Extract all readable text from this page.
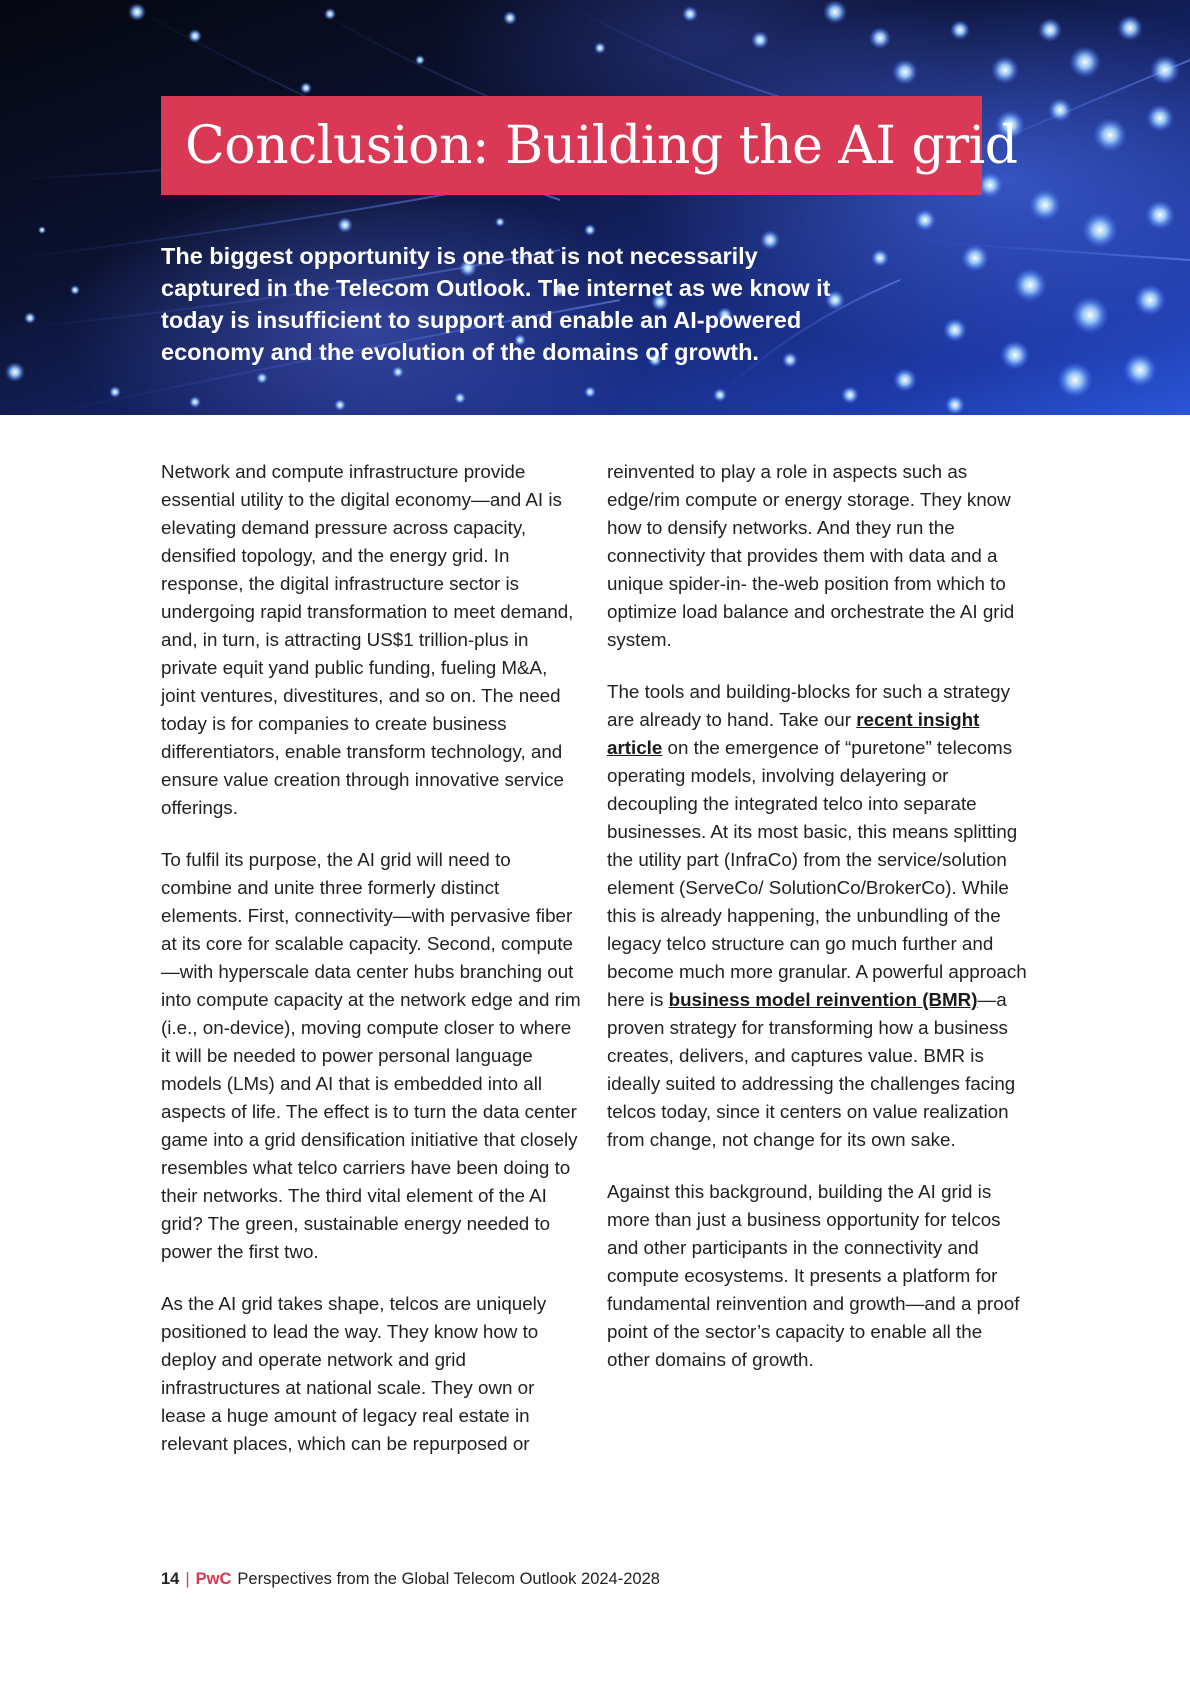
Conclusion: Building the AI grid

The biggest opportunity is one that is not necessarily captured in the Telecom Outlook. The internet as we know it today is insufficient to support and enable an AI-powered economy and the evolution of the domains of growth.

Network and compute infrastructure provide essential utility to the digital economy—and AI is elevating demand pressure across capacity, densified topology, and the energy grid. In response, the digital infrastructure sector is undergoing rapid transformation to meet demand, and, in turn, is attracting US$1 trillion-plus in private equit yand public funding, fueling M&A, joint ventures, divestitures, and so on. The need today is for companies to create business differentiators, enable transform technology, and ensure value creation through innovative service offerings.

To fulfil its purpose, the AI grid will need to combine and unite three formerly distinct elements. First, connectivity—with pervasive fiber at its core for scalable capacity. Second, compute—with hyperscale data center hubs branching out into compute capacity at the network edge and rim (i.e., on-device), moving compute closer to where it will be needed to power personal language models (LMs) and AI that is embedded into all aspects of life. The effect is to turn the data center game into a grid densification initiative that closely resembles what telco carriers have been doing to their networks. The third vital element of the AI grid? The green, sustainable energy needed to power the first two.

As the AI grid takes shape, telcos are uniquely positioned to lead the way. They know how to deploy and operate network and grid infrastructures at national scale. They own or lease a huge amount of legacy real estate in relevant places, which can be repurposed or

reinvented to play a role in aspects such as edge/rim compute or energy storage. They know how to densify networks. And they run the connectivity that provides them with data and a unique spider-in- the-web position from which to optimize load balance and orchestrate the AI grid system.

The tools and building-blocks for such a strategy are already to hand. Take our recent insight article on the emergence of “puretone” telecoms operating models, involving delayering or decoupling the integrated telco into separate businesses. At its most basic, this means splitting the utility part (InfraCo) from the service/solution element (ServeCo/ SolutionCo/BrokerCo). While this is already happening, the unbundling of the legacy telco structure can go much further and become much more granular. A powerful approach here is business model reinvention (BMR)—a proven strategy for transforming how a business creates, delivers, and captures value. BMR is ideally suited to addressing the challenges facing telcos today, since it centers on value realization from change, not change for its own sake.

Against this background, building the AI grid is more than just a business opportunity for telcos and other participants in the connectivity and compute ecosystems. It presents a platform for fundamental reinvention and growth—and a proof point of the sector’s capacity to enable all the other domains of growth.

14 | PwC Perspectives from the Global Telecom Outlook 2024-2028
